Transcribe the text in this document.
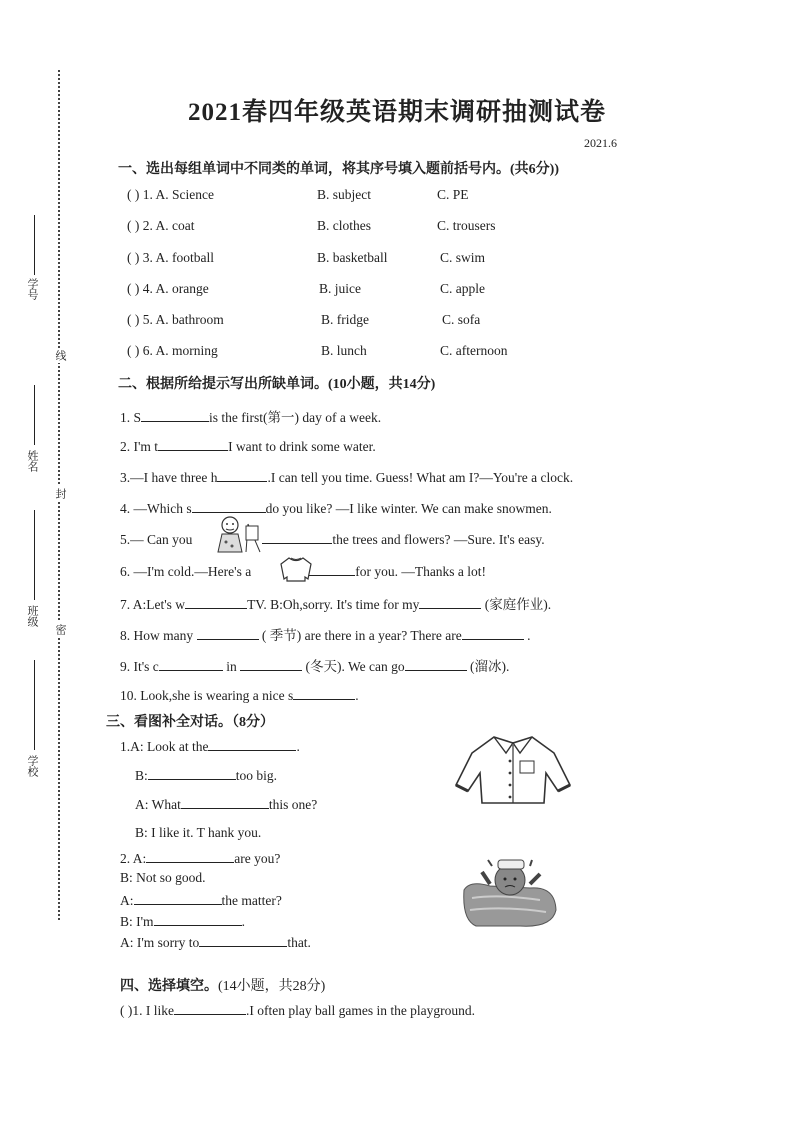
学号
姓名
班级
学校
线
封
密
2021春四年级英语期末调研抽测试卷
2021.6
一、选出每组单词中不同类的单词，将其序号填入题前括号内。(共6分))
( ) 1. A. Science	B. subject	C. PE
( ) 2. A. coat	B. clothes	C. trousers
( ) 3. A. football	B. basketball	C. swim
( ) 4. A. orange	B. juice	C. apple
( ) 5. A. bathroom	B. fridge	C. sofa
( ) 6. A. morning	B. lunch	C. afternoon
二、根据所给提示写出所缺单词。(10小题，共14分)
1. S	is the first(第一) day of a week.
2. I'm t	I want to drink some water.
3.—I have three h	.I can tell you time. Guess! What am I?—You're a clock.
4. —Which s	do you like? —I like winter. We can make snowmen.
5.— Can you	the trees and flowers? —Sure. It's easy.
6. —I'm cold.—Here's a	for you. —Thanks a lot!
7. A:Let's w	TV. B:Oh,sorry. It's time for my	(家庭作业).
8. How many	( 季节) are there in a year? There are	.
9. It's c	in	(冬天). We can go	(溜冰).
10. Look,she is wearing a nice s	.
三、看图补全对话。（8分）
1.A: Look at the	.
B:	too big.
A: What	this one?
B: I like it. T hank you.
2. A:	are you?
B: Not so good.
A:	the matter?
B: I'm	.
A: I'm sorry to	that.
四、选择填空。(14小题，共28分)
( )1. I like	.I often play ball games in the playground.
